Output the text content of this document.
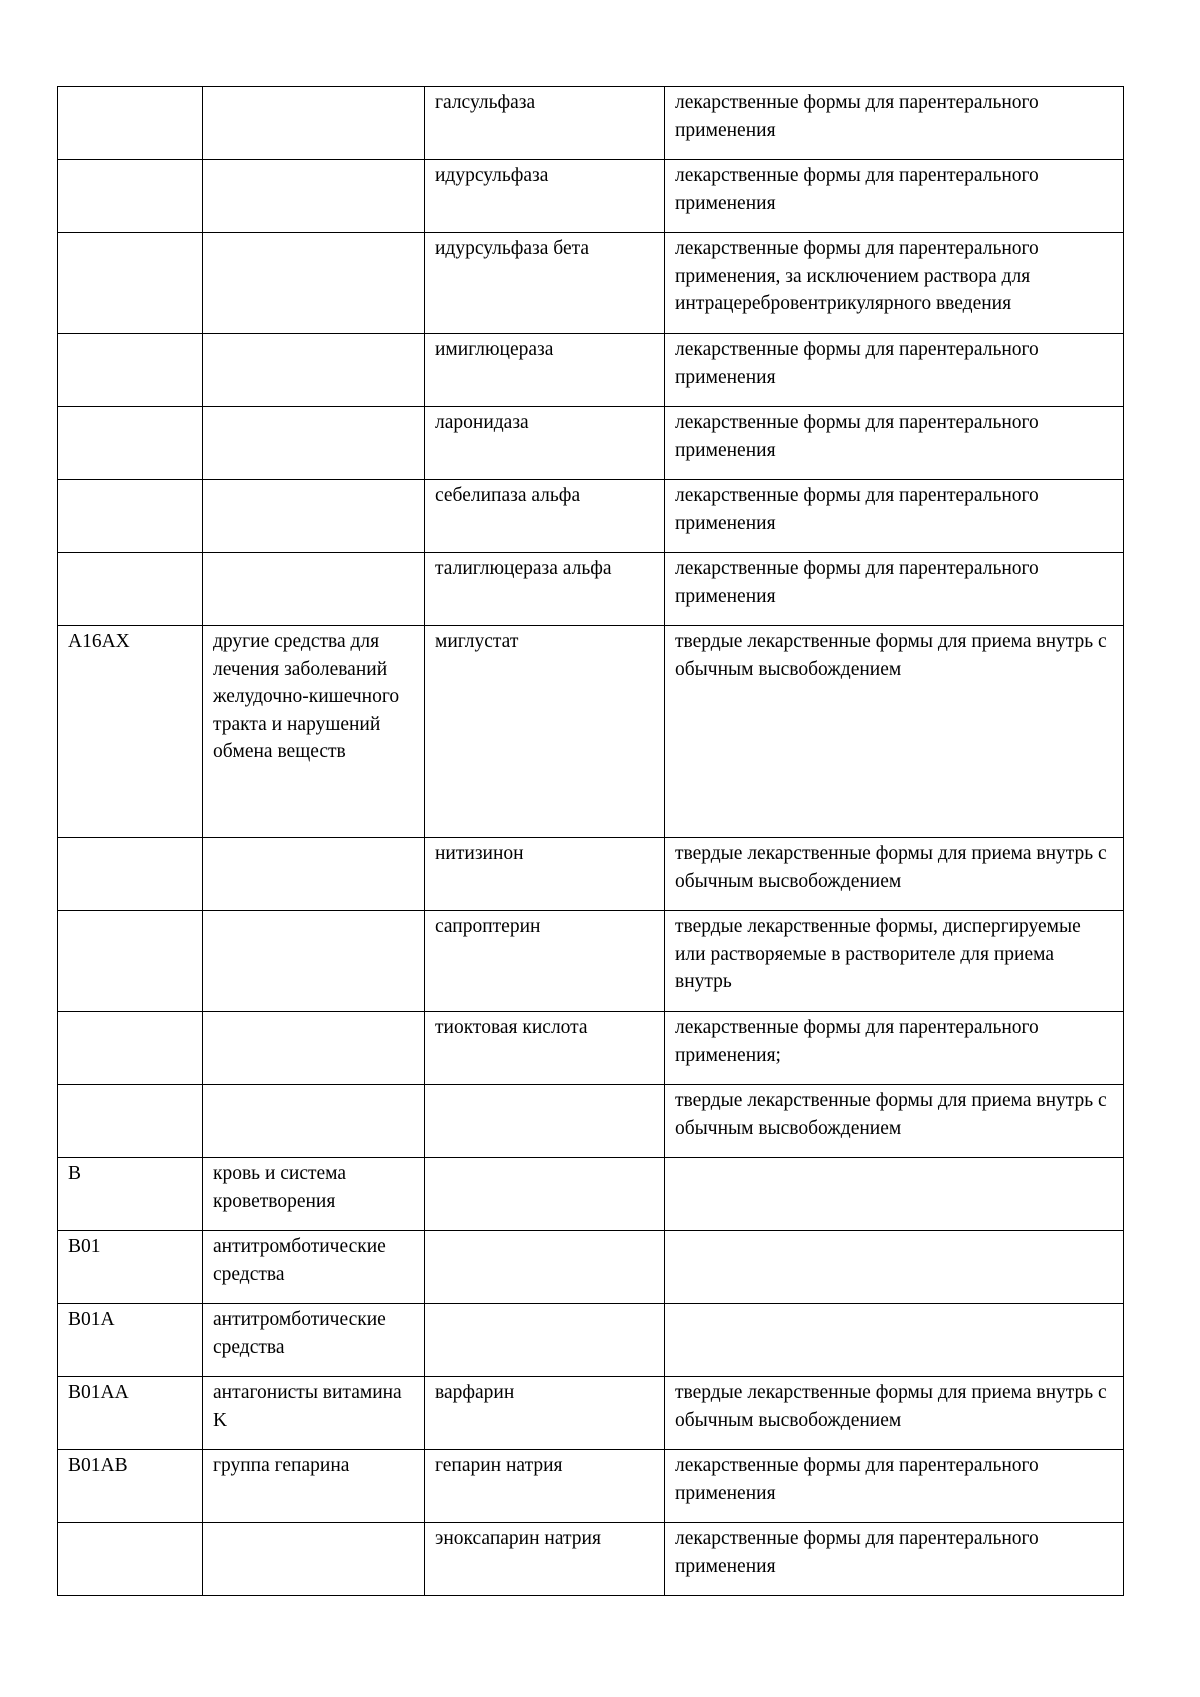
		галсульфаза	лекарственные формы для парентерального применения
		идурсульфаза	лекарственные формы для парентерального применения
		идурсульфаза бета	лекарственные формы для парентерального применения, за исключением раствора для интрацеребровентрикулярного введения
		имиглюцераза	лекарственные формы для парентерального применения
		ларонидаза	лекарственные формы для парентерального применения
		себелипаза альфа	лекарственные формы для парентерального применения
		талиглюцераза альфа	лекарственные формы для парентерального применения
A16AX	другие средства для лечения заболеваний желудочно-кишечного тракта и нарушений обмена веществ	миглустат	твердые лекарственные формы для приема внутрь с обычным высвобождением
		нитизинон	твердые лекарственные формы для приема внутрь с обычным высвобождением
		сапроптерин	твердые лекарственные формы, диспергируемые или растворяемые в растворителе для приема внутрь
		тиоктовая кислота	лекарственные формы для парентерального применения;
			твердые лекарственные формы для приема внутрь с обычным высвобождением
B	кровь и система кроветворения		
B01	антитромботические средства		
B01A	антитромботические средства		
B01AA	антагонисты витамина K	варфарин	твердые лекарственные формы для приема внутрь с обычным высвобождением
B01AB	группа гепарина	гепарин натрия	лекарственные формы для парентерального применения
		эноксапарин натрия	лекарственные формы для парентерального применения
